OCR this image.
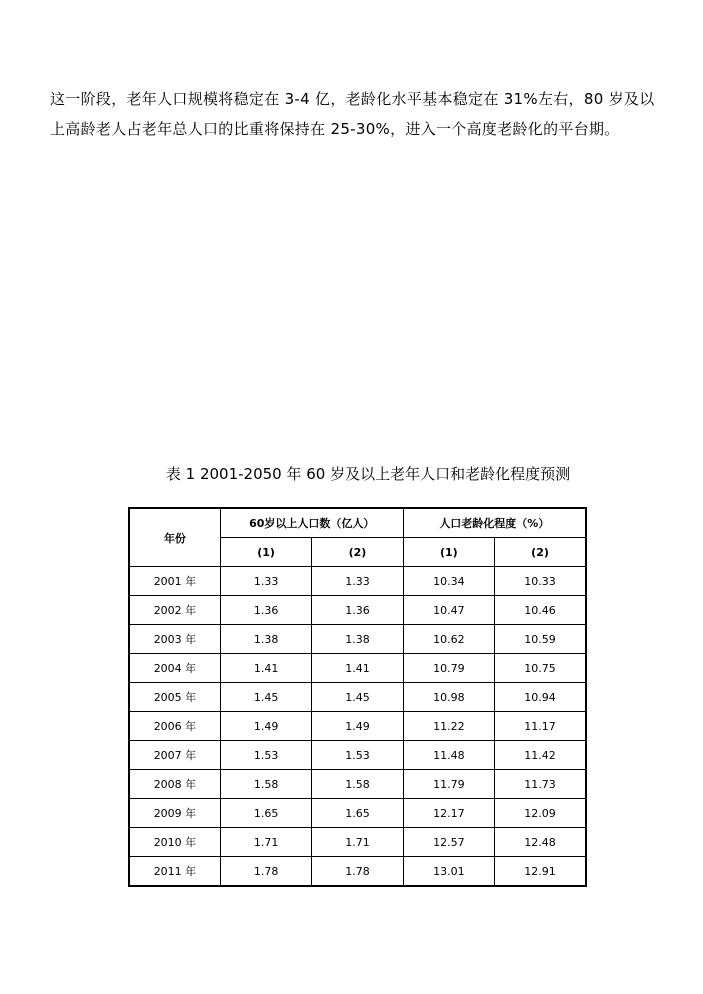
这一阶段，老年人口规模将稳定在 3-4 亿，老龄化水平基本稳定在 31%左右，80 岁及以上高龄老人占老年总人口的比重将保持在 25-30%，进入一个高度老龄化的平台期。

表 1 2001-2050 年 60 岁及以上老年人口和老龄化程度预测

年份	60岁以上人口数（亿人）		人口老龄化程度（%）	
	(1)	(2)	(1)	(2)
2001 年	1.33	1.33	10.34	10.33
2002 年	1.36	1.36	10.47	10.46
2003 年	1.38	1.38	10.62	10.59
2004 年	1.41	1.41	10.79	10.75
2005 年	1.45	1.45	10.98	10.94
2006 年	1.49	1.49	11.22	11.17
2007 年	1.53	1.53	11.48	11.42
2008 年	1.58	1.58	11.79	11.73
2009 年	1.65	1.65	12.17	12.09
2010 年	1.71	1.71	12.57	12.48
2011 年	1.78	1.78	13.01	12.91
